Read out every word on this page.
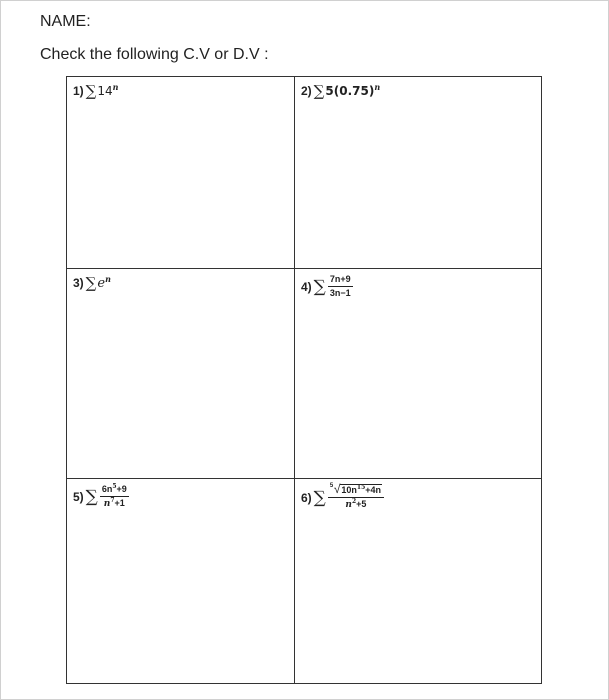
NAME:
Check the following C.V or D.V :
1) ∑ 14$^n$	2) ∑ $5(0.75)^n$
3) ∑ $e^n$
4) ∑ $\frac{7n+9}{3n-1}$
5) ∑ $\frac{6n^5+9}{n^7+1}$	6) ∑ $\frac{5 √ 10n^{15}+4n}{n^2+5}$
